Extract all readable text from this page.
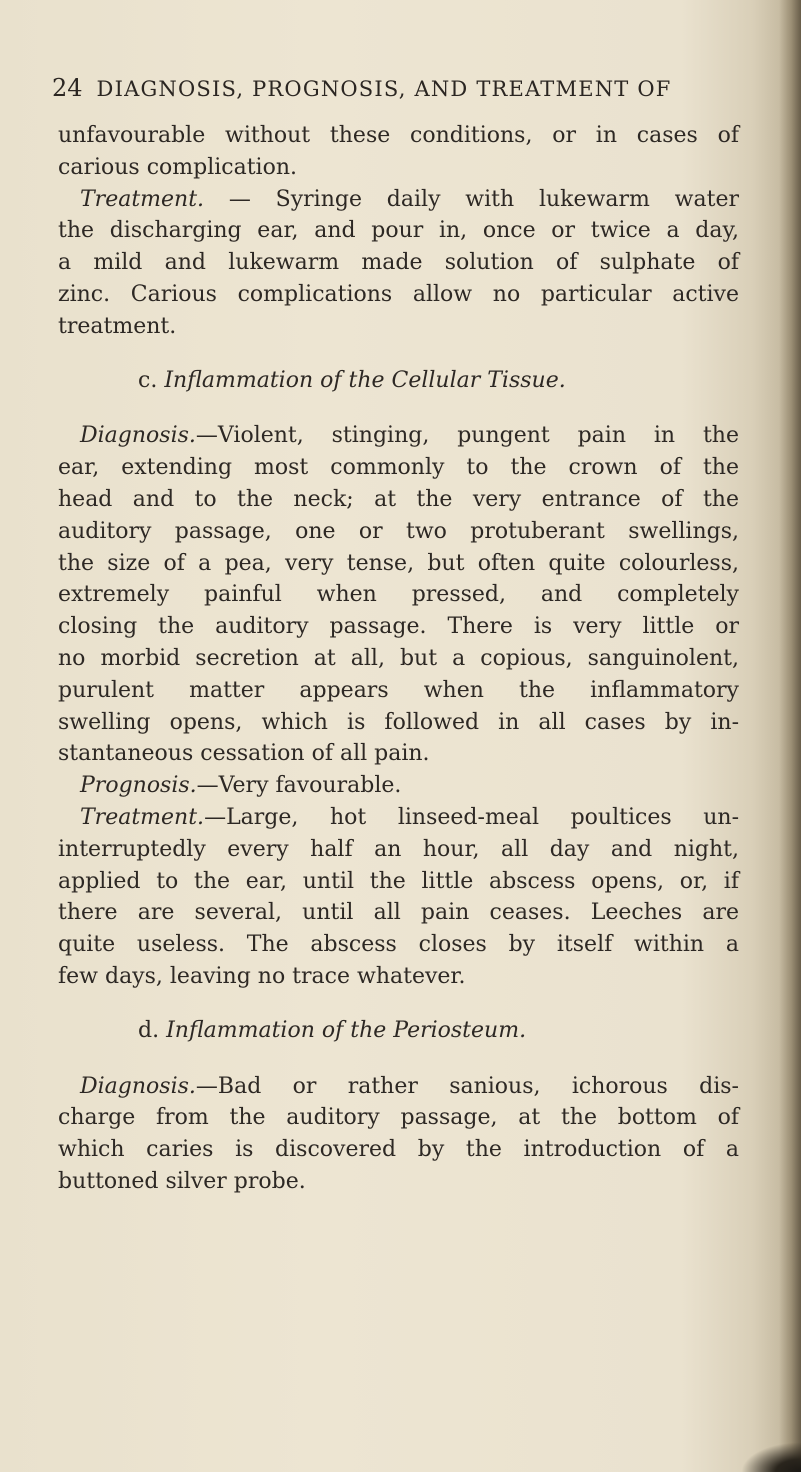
24 DIAGNOSIS, PROGNOSIS, AND TREATMENT OF
unfavourable without these conditions, or in cases of
carious complication.
Treatment. — Syringe daily with lukewarm water
the discharging ear, and pour in, once or twice a day,
a mild and lukewarm made solution of sulphate of
zinc. Carious complications allow no particular active
treatment.
c. Inflammation of the Cellular Tissue.
Diagnosis.—Violent, stinging, pungent pain in the
ear, extending most commonly to the crown of the
head and to the neck; at the very entrance of the
auditory passage, one or two protuberant swellings,
the size of a pea, very tense, but often quite colourless,
extremely painful when pressed, and completely
closing the auditory passage. There is very little or
no morbid secretion at all, but a copious, sanguinolent,
purulent matter appears when the inflammatory
swelling opens, which is followed in all cases by in-
stantaneous cessation of all pain.
Prognosis.—Very favourable.
Treatment.—Large, hot linseed-meal poultices un-
interruptedly every half an hour, all day and night,
applied to the ear, until the little abscess opens, or, if
there are several, until all pain ceases. Leeches are
quite useless. The abscess closes by itself within a
few days, leaving no trace whatever.
d. Inflammation of the Periosteum.
Diagnosis.—Bad or rather sanious, ichorous dis-
charge from the auditory passage, at the bottom of
which caries is discovered by the introduction of a
buttoned silver probe.
